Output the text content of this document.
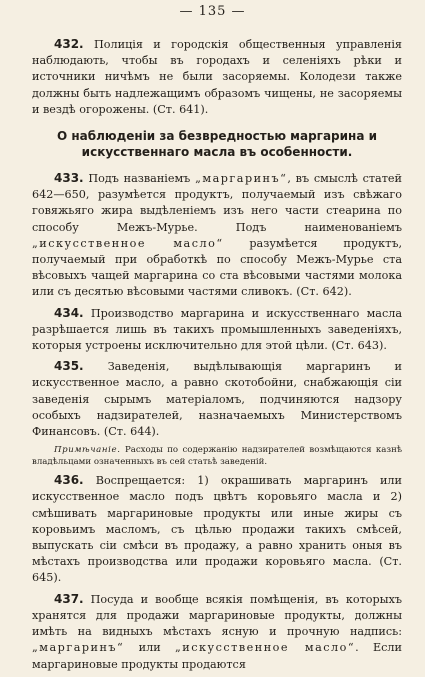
— 135 —

432. Полиція и городскія общественныя управленія наблюдають, чтобы въ городахъ и селеніяхъ рѣки и источники ничѣмъ не были засоряемы. Колодези также должны быть надлежащимъ образомъ чищены, не засоряемы и вездѣ огорожены. (Ст. 641).

О наблюденіи за безвредностью маргарина и искусственнаго масла въ особенности.

433. Подъ названіемъ „маргаринъ“, въ смыслѣ статей 642—650, разумѣется продуктъ, получаемый изъ свѣжаго говяжьяго жира выдѣленіемъ изъ него части стеарина по способу Межъ-Мурье. Подъ наименованіемъ „искусственное масло“ разумѣется продуктъ, получаемый при обработкѣ по способу Межъ-Мурье ста вѣсовыхъ чащей маргарина со ста вѣсовыми частями молока или съ десятью вѣсовыми частями сливокъ. (Ст. 642).

434. Производство маргарина и искусственнаго масла разрѣшается лишь въ такихъ промышленныхъ заведеніяхъ, которыя устроены исключительно для этой цѣли. (Ст. 643).

435. Заведенія, выдѣлывающія маргаринъ и искусственное масло, а равно скотобойни, снабжающія сіи заведенія сырымъ матеріаломъ, подчиняются надзору особыхъ надзирателей, назначаемыхъ Министерствомъ Финансовъ. (Ст. 644).

Примѣчаніе. Расходы по содержанію надзирателей возмѣщаются казнѣ владѣльцами означенныхъ въ сей статьѣ заведеній.

436. Воспрещается: 1) окрашивать маргаринъ или искусственное масло подъ цвѣтъ коровьяго масла и 2) смѣшивать маргариновые продукты или иные жиры съ коровьимъ масломъ, съ цѣлью продажи такихъ смѣсей, выпускать сіи смѣси въ продажу, а равно хранить оныя въ мѣстахъ производства или продажи коровьяго масла. (Ст. 645).

437. Посуда и вообще всякія помѣщенія, въ которыхъ хранятся для продажи маргариновые продукты, должны имѣть на видныхъ мѣстахъ ясную и прочную надпись: „маргаринъ“ или „искусственное масло“. Если маргариновые продукты продаются
